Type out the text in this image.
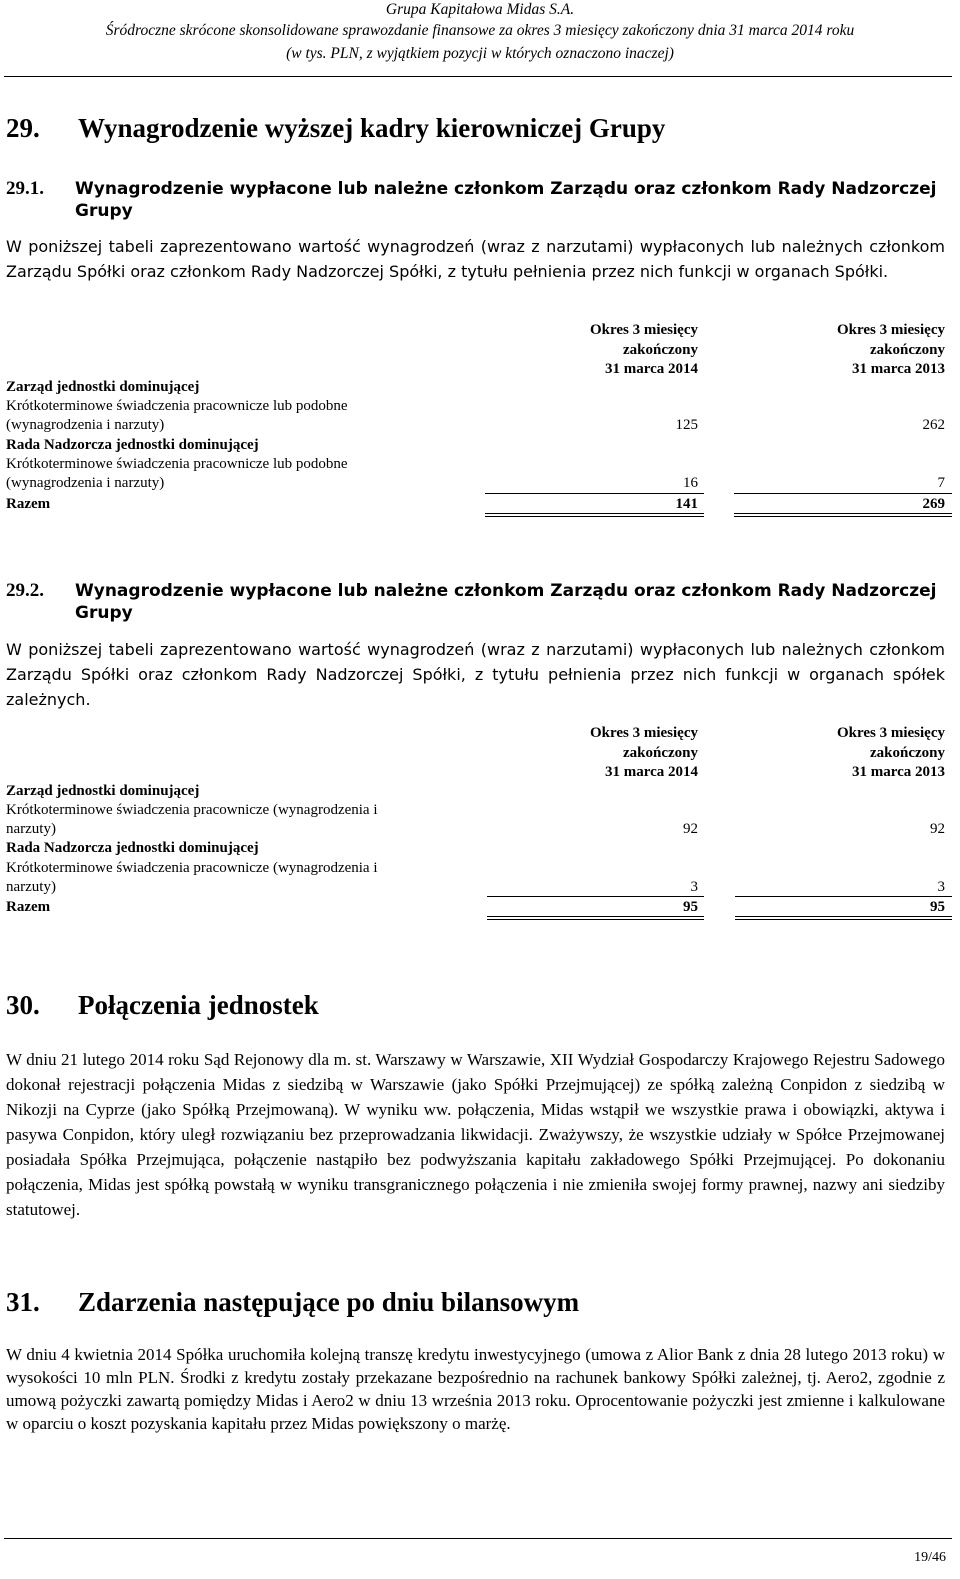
Grupa Kapitałowa Midas S.A.
Śródroczne skrócone skonsolidowane sprawozdanie finansowe za okres 3 miesięcy zakończony dnia 31 marca 2014 roku
(w tys. PLN, z wyjątkiem pozycji w których oznaczono inaczej)
29. Wynagrodzenie wyższej kadry kierowniczej Grupy
29.1. Wynagrodzenie wypłacone lub należne członkom Zarządu oraz członkom Rady Nadzorczej Grupy
W poniższej tabeli zaprezentowano wartość wynagrodzeń (wraz z narzutami) wypłaconych lub należnych członkom Zarządu Spółki oraz członkom Rady Nadzorczej Spółki, z tytułu pełnienia przez nich funkcji w organach Spółki.
Okres 3 miesięcy
zakończony
31 marca 2014
Okres 3 miesięcy
zakończony
31 marca 2013
Zarząd jednostki dominującej
Krótkoterminowe świadczenia pracownicze lub podobne
(wynagrodzenia i narzuty)	125	262
Rada Nadzorcza jednostki dominującej
Krótkoterminowe świadczenia pracownicze lub podobne
(wynagrodzenia i narzuty)	16	7
Razem	141	269
29.2. Wynagrodzenie wypłacone lub należne członkom Zarządu oraz członkom Rady Nadzorczej Grupy
W poniższej tabeli zaprezentowano wartość wynagrodzeń (wraz z narzutami) wypłaconych lub należnych członkom Zarządu Spółki oraz członkom Rady Nadzorczej Spółki, z tytułu pełnienia przez nich funkcji w organach spółek zależnych.
Okres 3 miesięcy
zakończony
31 marca 2014
Okres 3 miesięcy
zakończony
31 marca 2013
Zarząd jednostki dominującej
Krótkoterminowe świadczenia pracownicze (wynagrodzenia i
narzuty)	92	92
Rada Nadzorcza jednostki dominującej
Krótkoterminowe świadczenia pracownicze (wynagrodzenia i
narzuty)	3	3
Razem	95	95
30. Połączenia jednostek
W dniu 21 lutego 2014 roku Sąd Rejonowy dla m. st. Warszawy w Warszawie, XII Wydział Gospodarczy Krajowego Rejestru Sadowego dokonał rejestracji połączenia Midas z siedzibą w Warszawie (jako Spółki Przejmującej) ze spółką zależną Conpidon z siedzibą w Nikozji na Cyprze (jako Spółką Przejmowaną). W wyniku ww. połączenia, Midas wstąpił we wszystkie prawa i obowiązki, aktywa i pasywa Conpidon, który uległ rozwiązaniu bez przeprowadzania likwidacji. Zważywszy, że wszystkie udziały w Spółce Przejmowanej posiadała Spółka Przejmująca, połączenie nastąpiło bez podwyższania kapitału zakładowego Spółki Przejmującej. Po dokonaniu połączenia, Midas jest spółką powstałą w wyniku transgranicznego połączenia i nie zmieniła swojej formy prawnej, nazwy ani siedziby statutowej.
31. Zdarzenia następujące po dniu bilansowym
W dniu 4 kwietnia 2014 Spółka uruchomiła kolejną transzę kredytu inwestycyjnego (umowa z Alior Bank z dnia 28 lutego 2013 roku) w wysokości 10 mln PLN. Środki z kredytu zostały przekazane bezpośrednio na rachunek bankowy Spółki zależnej, tj. Aero2, zgodnie z umową pożyczki zawartą pomiędzy Midas i Aero2 w dniu 13 września 2013 roku. Oprocentowanie pożyczki jest zmienne i kalkulowane w oparciu o koszt pozyskania kapitału przez Midas powiększony o marżę.
19/46
